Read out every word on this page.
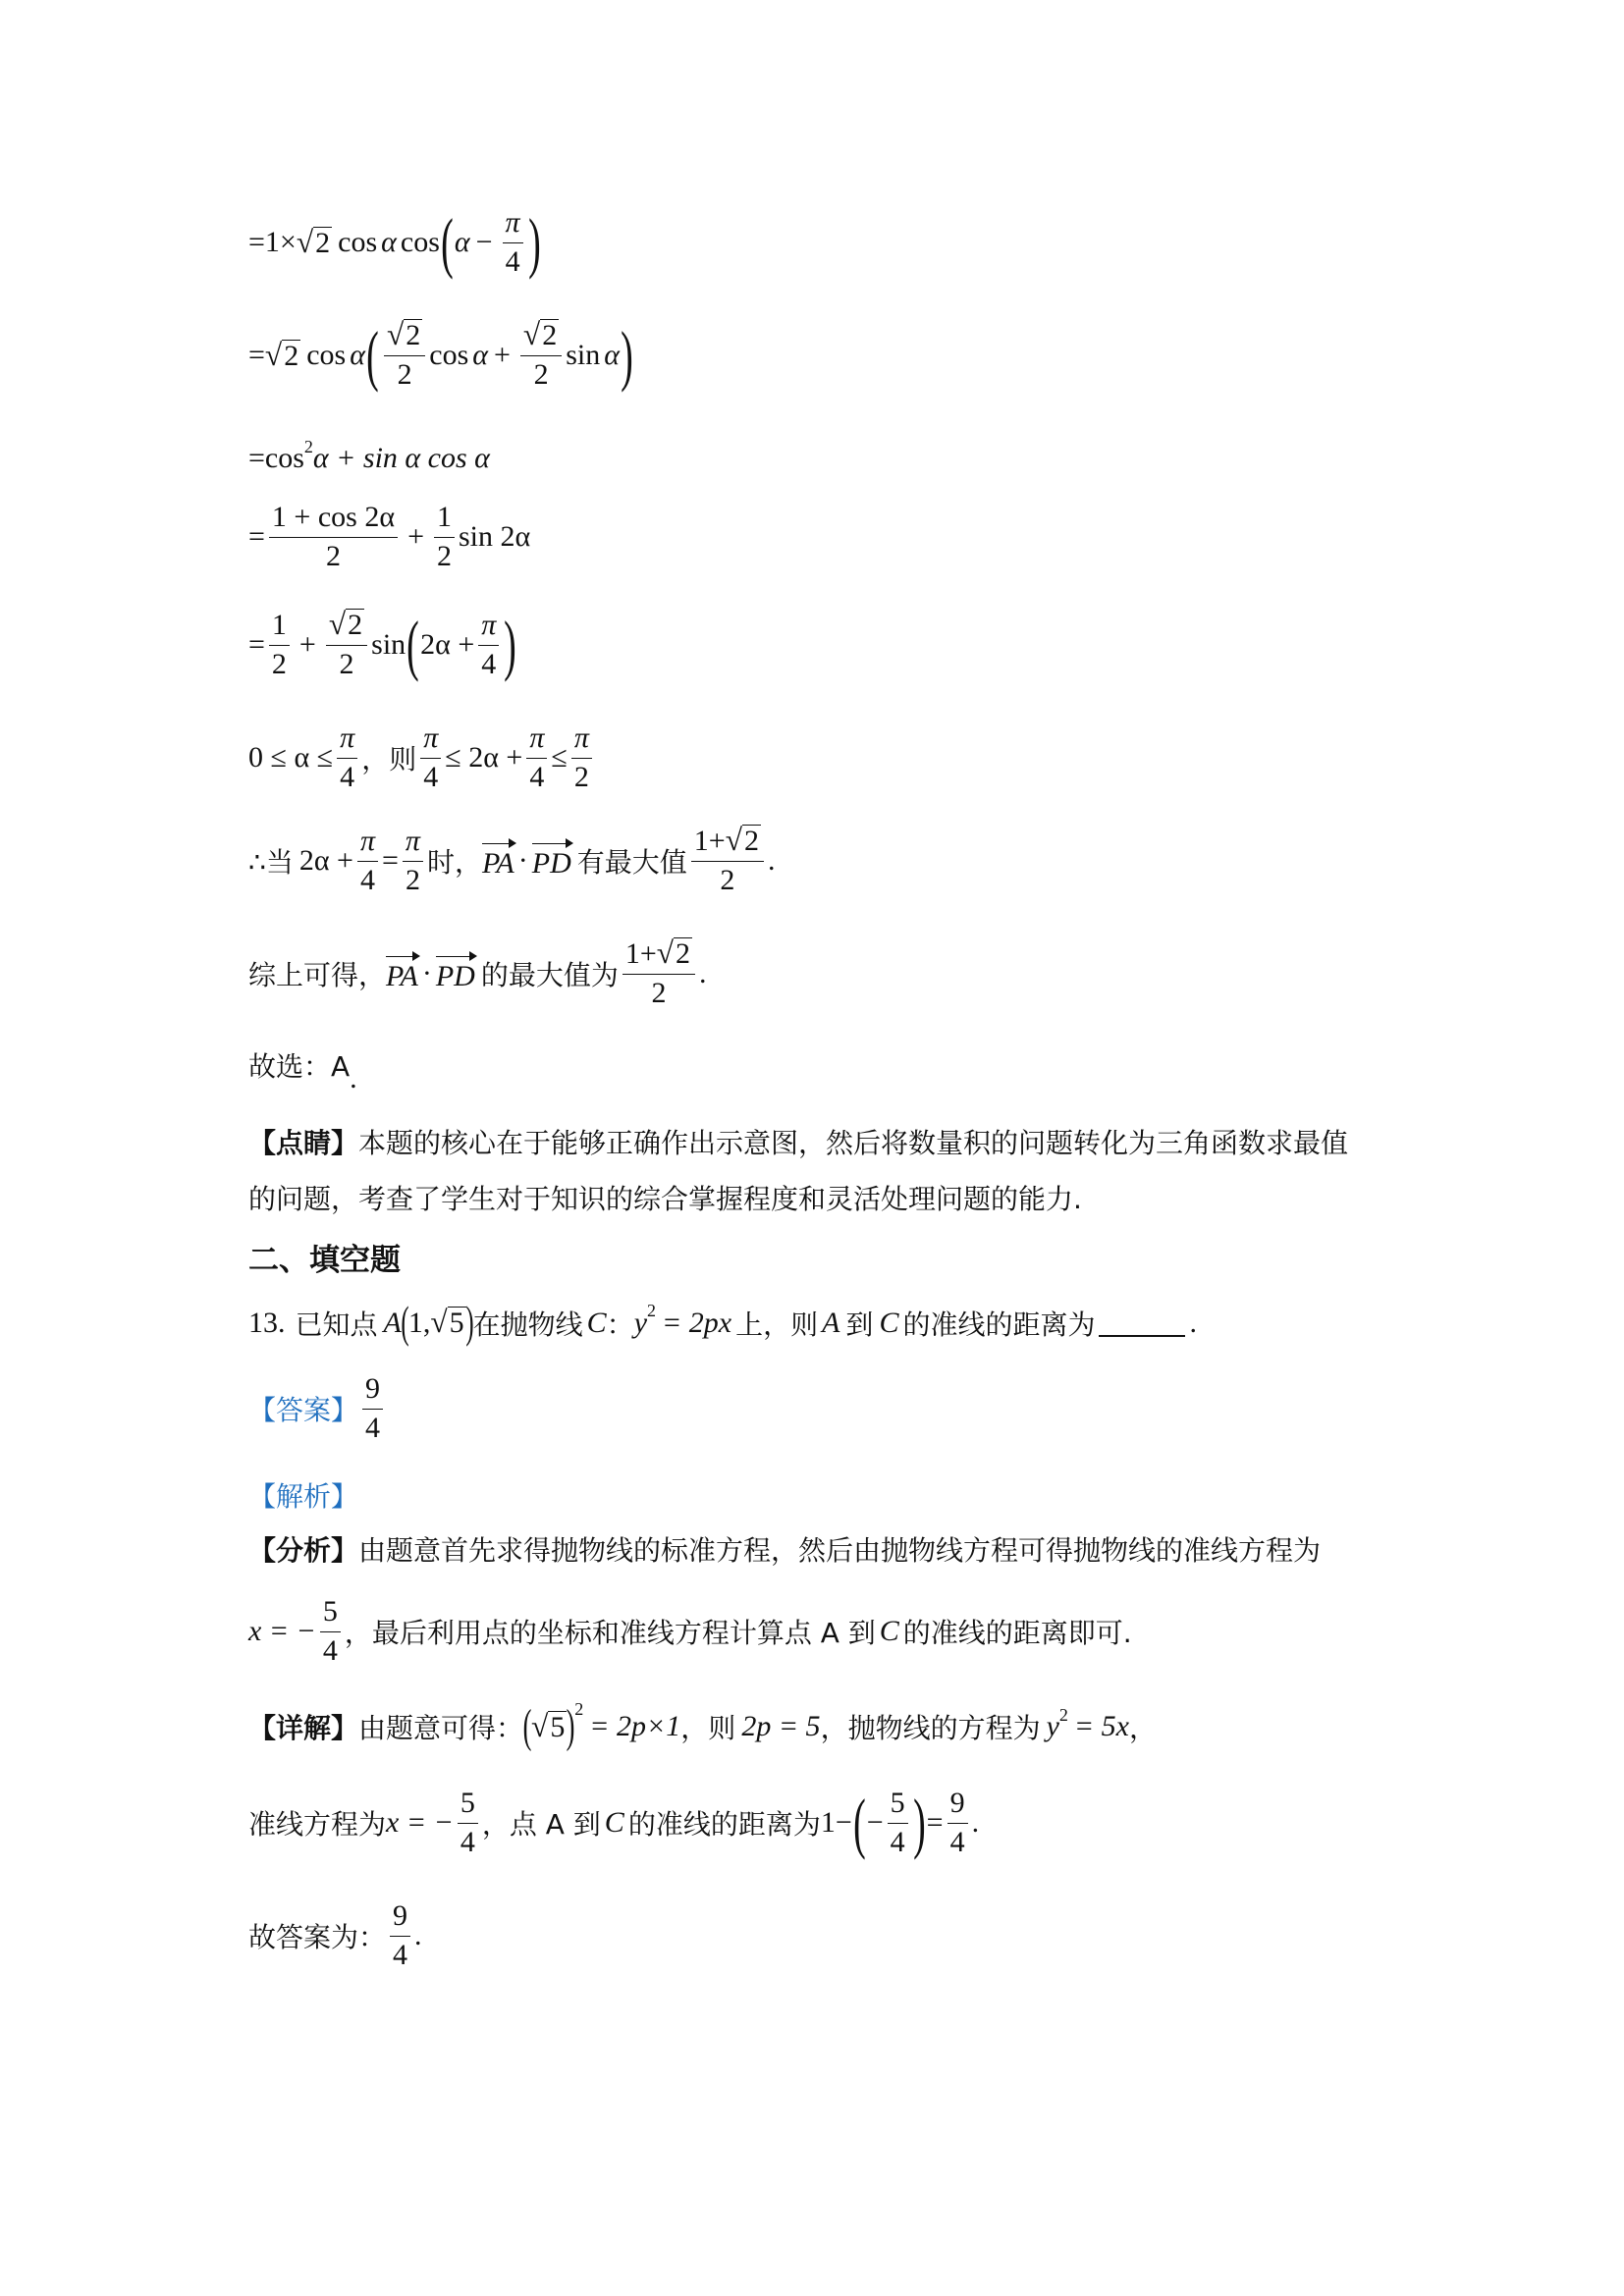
=1× √ 2 cos α cos ( $\alpha - \frac{\pi}{4}$ )
= √ 2 cos α ( $\frac{√ 2}{2}$ $\cos \alpha + \frac{√ 2}{2}$ sin α )
$=\cos^2$ α + sin α cos α
= $\frac{1 + \cos 2\alpha}{2} + \frac{1}{2}$ sin 2α
= $\frac{1}{2} + \frac{√ 2}{2}$ sin ( $2\alpha + \frac{\pi}{4}$ )
$0 \le \alpha \le \frac{\pi}{4}$ ，则 $\frac{\pi}{4} \le 2\alpha + \frac{\pi}{4} \le \frac{\pi}{2}$
∴当 $2\alpha + \frac{\pi}{4} = \frac{\pi}{2}$ 时， PA · PD 有最大值 $\frac{1+ √ 2}{2}$ .
综上可得， PA · PD 的最大值为 $\frac{1+ √ 2}{2}$ .
故选：A .
【点睛】 本题的核心在于能够正确作出示意图，然后将数量积的问题转化为三角函数求最值
的问题，考查了学生对于知识的综合掌握程度和灵活处理问题的能力.
二、填空题
13. 已知点 A ( 1, √ 5 ) 在抛物线 C ： $y^2 = 2px$ 上，则 A 到 C 的准线的距离为	.
【答案】 $\frac{9}{4}$
【解析】
【分析】 由题意首先求得抛物线的标准方程，然后由抛物线方程可得抛物线的准线方程为
x = − $\frac{5}{4}$ ，最后利用点的坐标和准线方程计算点 A 到 C 的准线的距离即可.
【详解】 由题意可得： ( √ 5 )$^2$
= 2p×1 ，则 2p = 5 ，抛物线的方程为 $y^2 = 5x$ ，
准线方程为 x = − $\frac{5}{4}$ ，点 A 到 C 的准线的距离为 1− ( − $\frac{5}{4}$ ) = $\frac{9}{4}$ .
故答案为： $\frac{9}{4}$ .
